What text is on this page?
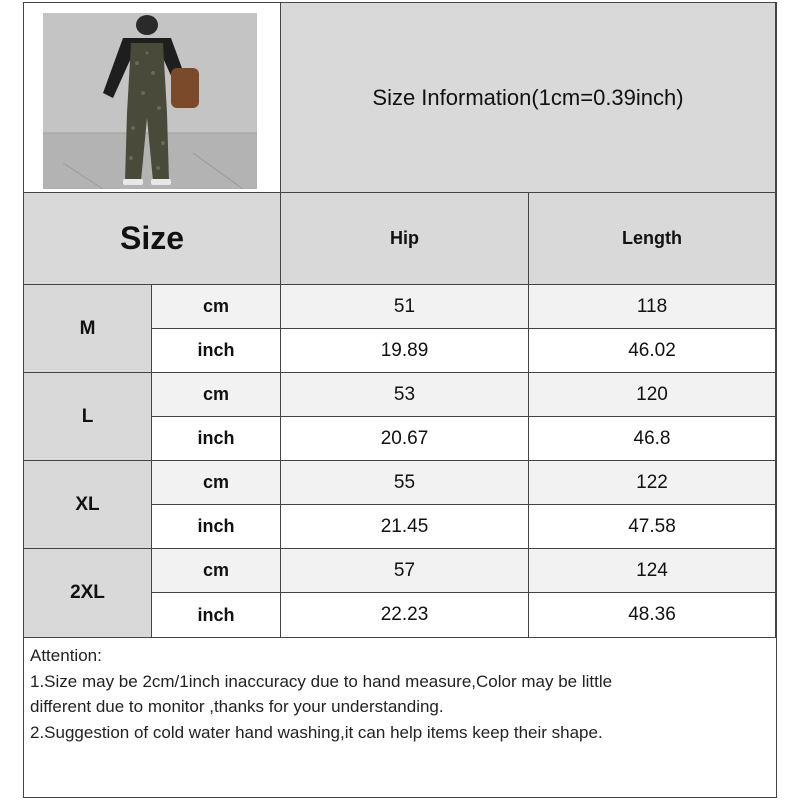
Size Information(1cm=0.39inch)
Size	Hip	Length
M
cm	51	118
inch	19.89	46.02
L
cm	53	120
inch	20.67	46.8
XL
cm	55	122
inch	21.45	47.58
2XL
cm	57	124
inch	22.23	48.36

Attention:

1.Size may be 2cm/1inch inaccuracy due to hand measure,Color may be little

different due to monitor ,thanks for your understanding.

2.Suggestion of cold water hand washing,it can help items keep their shape.
